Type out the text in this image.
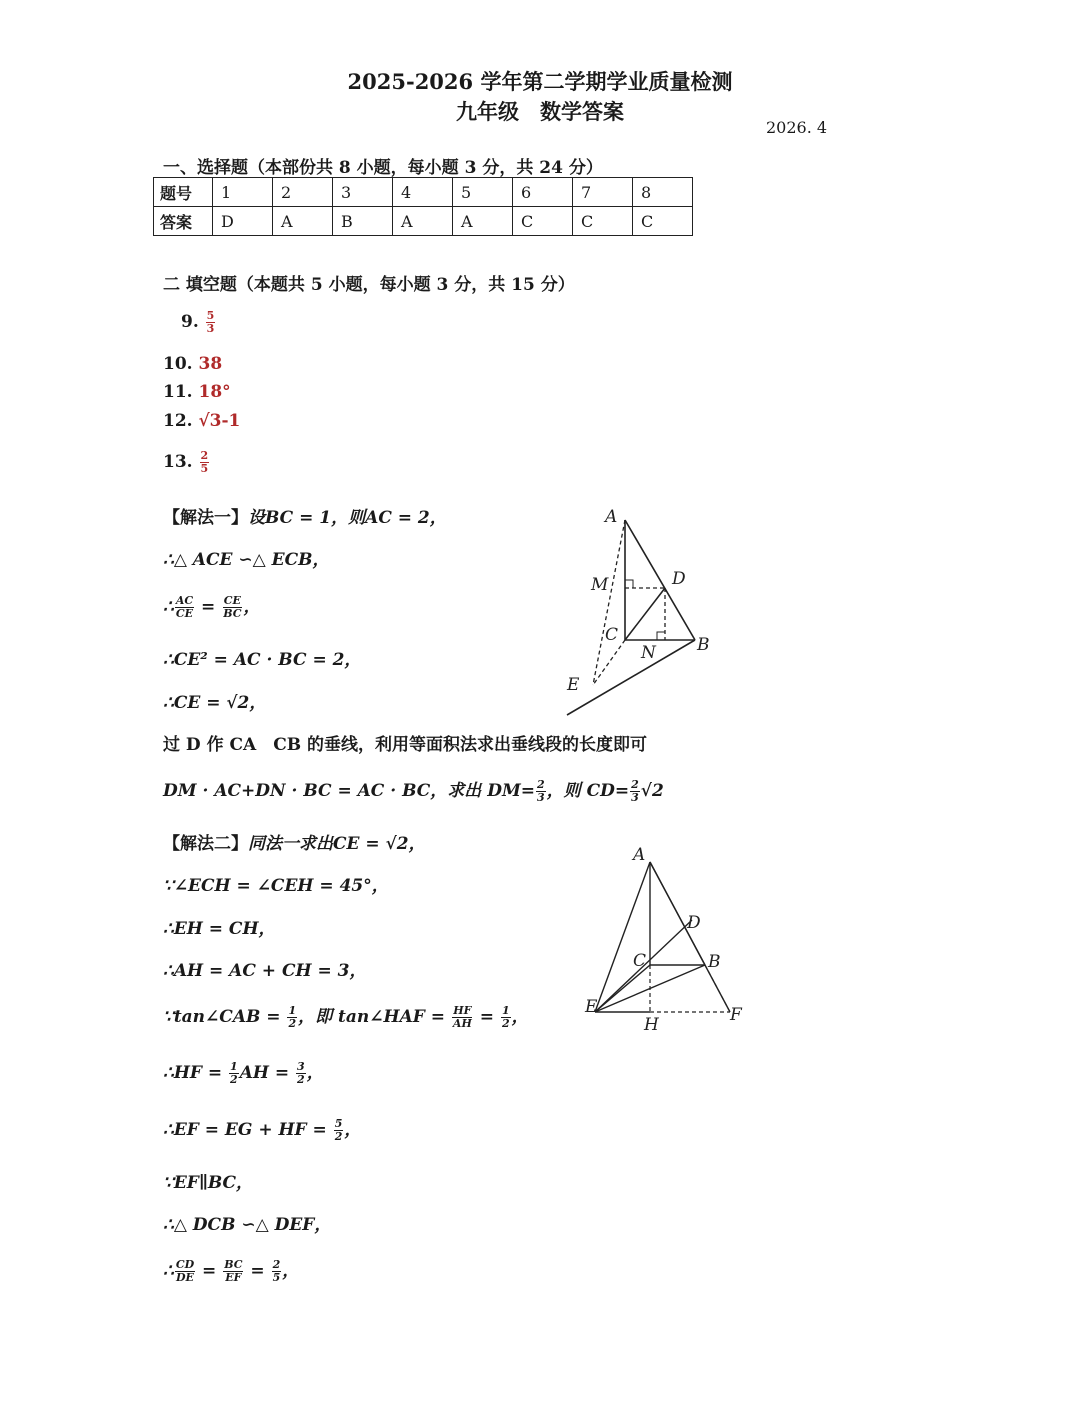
2025-2026 学年第二学期学业质量检测
九年级　数学答案
2026. 4
一、选择题（本部份共 8 小题，每小题 3 分，共 24 分）
题号	1	2	3	4	5	6	7	8
答案	D	A	B	A	A	C	C	C
二 填空题（本题共 5 小题，每小题 3 分，共 15 分）
9. $\frac{5}{3}$
10. 38
11. 18°
12. √3-1
13. $\frac{2}{5}$
【解法一】设BC = 1，则AC = 2，
∴△ ACE ∽△ ECB，
∴ $\frac{AC}{CE} = \frac{CE}{BC}$ ，
∴CE² = AC · BC = 2，
∴CE = √2，
过 D 作 CA　CB 的垂线，利用等面积法求出垂线段的长度即可
DM · AC+DN · BC = AC · BC，求出 $DM= \frac{2}{3}$ ，则 $CD= \frac{2}{3} √2$
A
M	D
C
N B
E
【解法二】同法一求出CE = √2，
∵∠ECH = ∠CEH = 45°，
∴EH = CH，
∴AH = AC + CH = 3，
∵tan∠CAB = $\frac{1}{2}$ ，即 tan∠HAF = $\frac{HF}{AH} = \frac{1}{2}$ ，
∴HF = $\frac{1}{2}$ AH = $\frac{3}{2}$ ，
∴EF = EG + HF = $\frac{5}{2}$ ，
∵EF∥BC，
∴△ DCB ∽△ DEF，
∴ $\frac{CD}{DE} = \frac{BC}{EF} = \frac{2}{5}$ ，
A
D
C	B
E
H	F
